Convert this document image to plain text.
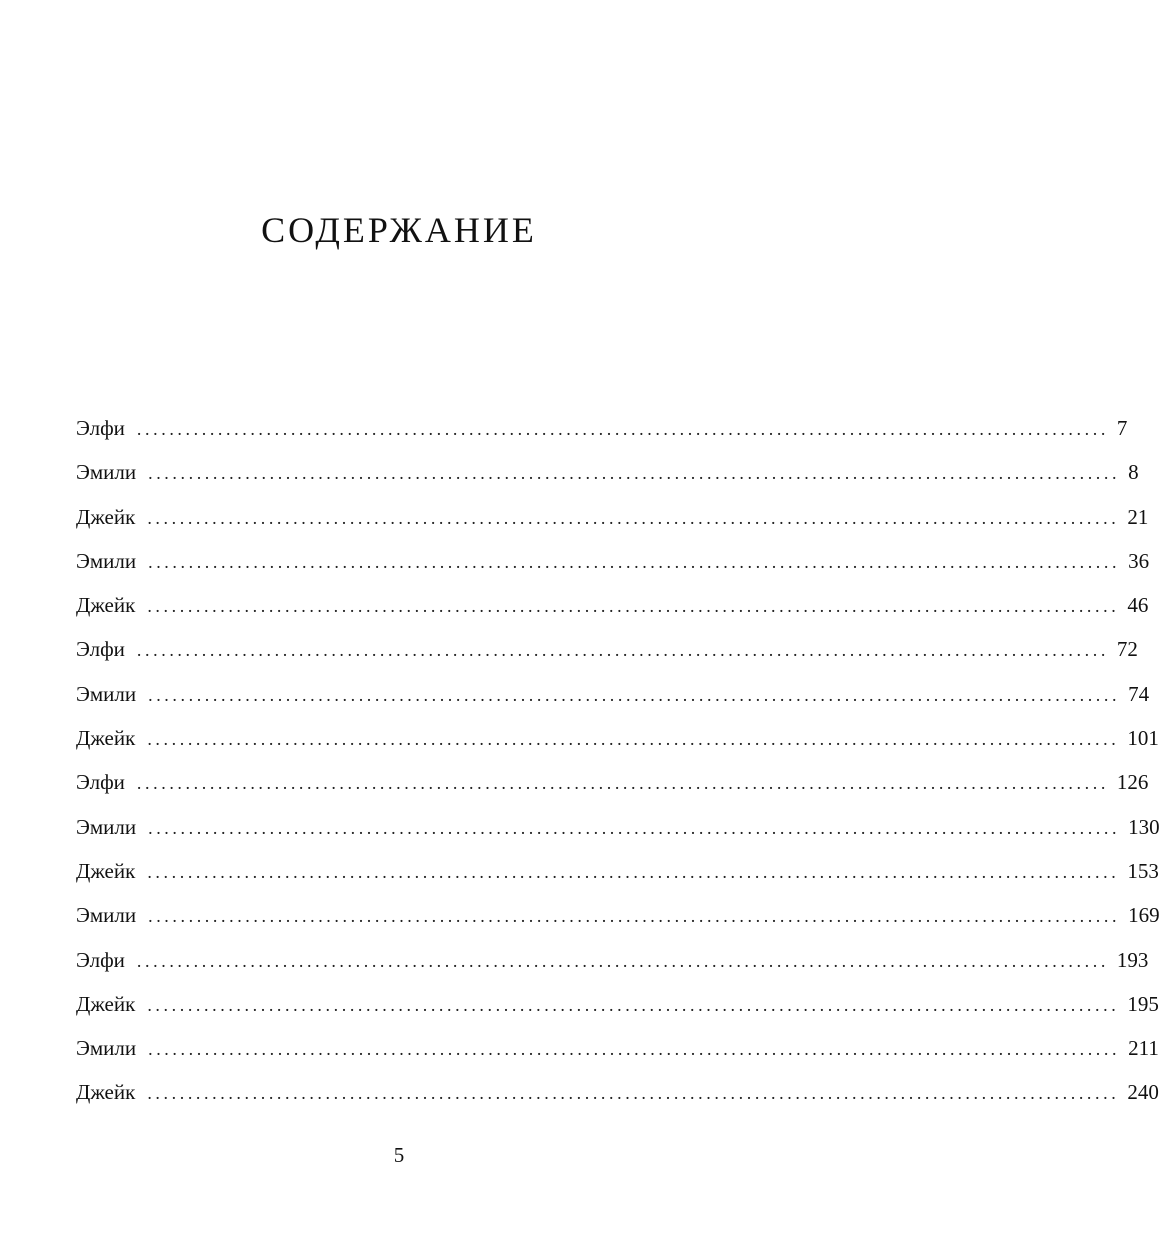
СОДЕРЖАНИЕ
Элфи ........................................................................................................................ 7
Эмили ........................................................................................................................ 8
Джейк ........................................................................................................................ 21
Эмили ........................................................................................................................ 36
Джейк ........................................................................................................................ 46
Элфи ........................................................................................................................ 72
Эмили ........................................................................................................................ 74
Джейк ........................................................................................................................ 101
Элфи ........................................................................................................................ 126
Эмили ........................................................................................................................ 130
Джейк ........................................................................................................................ 153
Эмили ........................................................................................................................ 169
Элфи ........................................................................................................................ 193
Джейк ........................................................................................................................ 195
Эмили ........................................................................................................................ 211
Джейк ........................................................................................................................ 240
5
